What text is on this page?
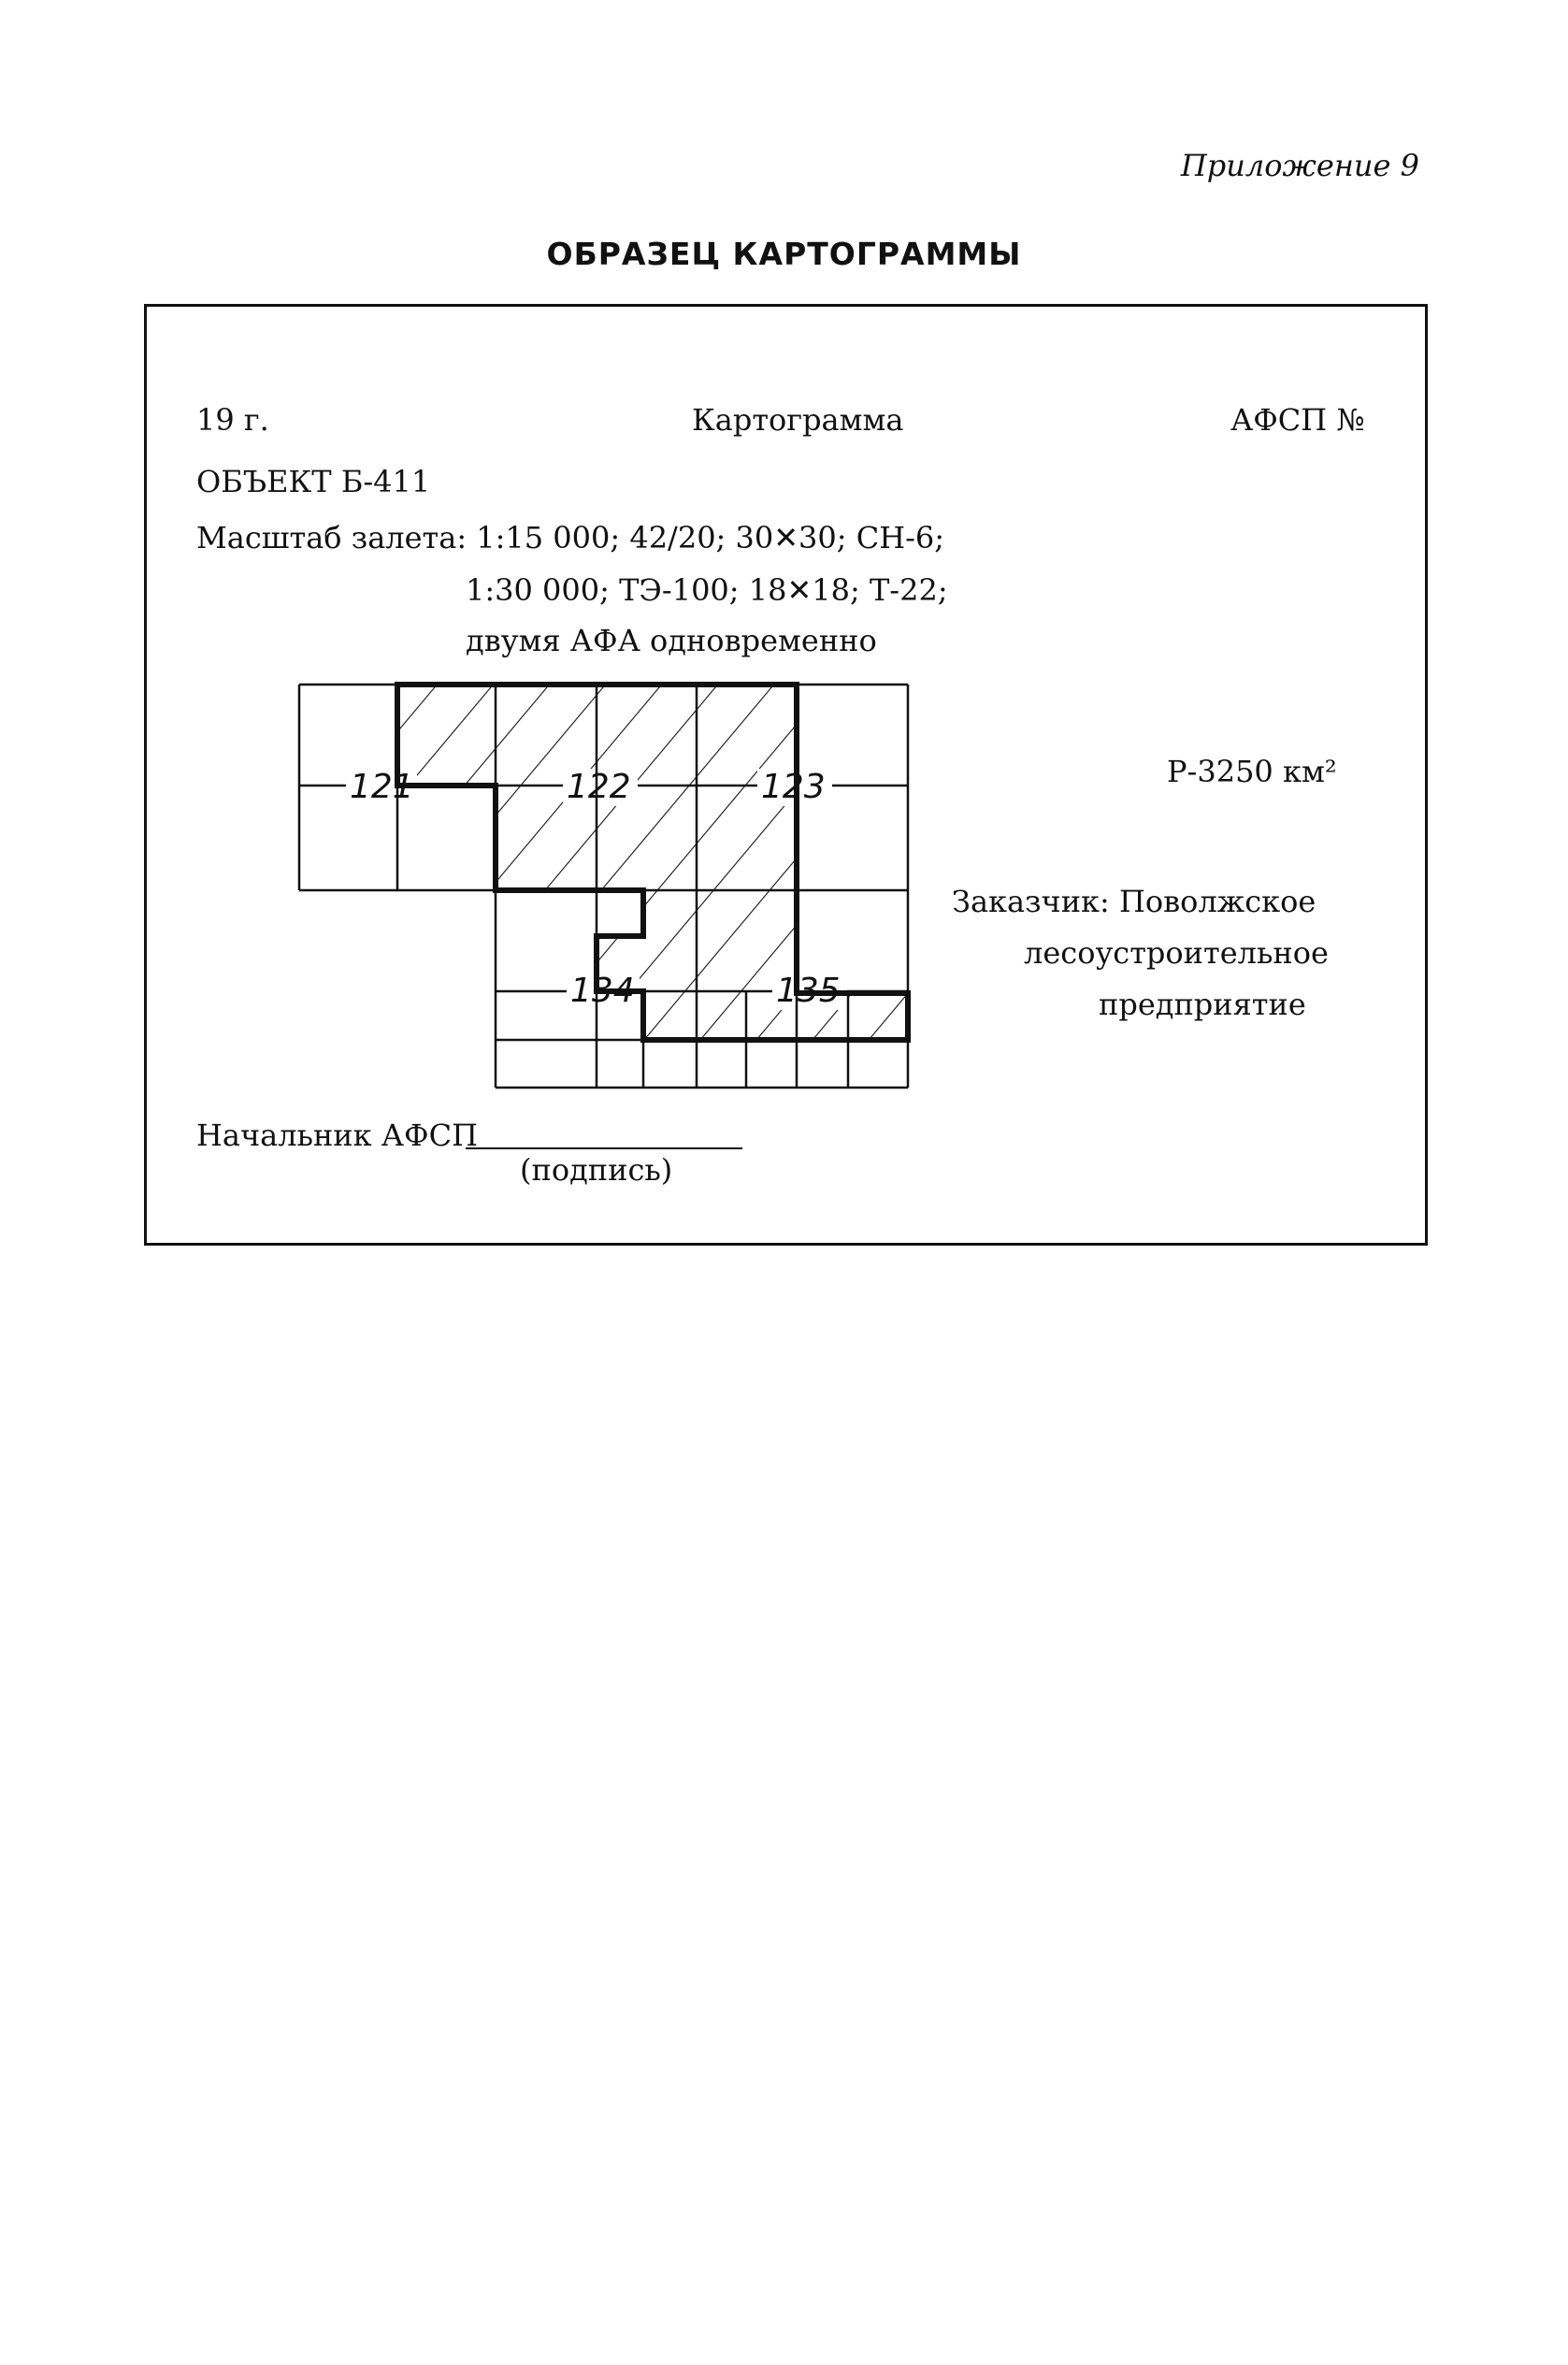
Приложение 9
ОБРАЗЕЦ КАРТОГРАММЫ
19 г.	Картограмма	АФСП №
ОБЪЕКТ Б-411
Масштаб залета: 1:15 000; 42/20; 30✕30; СН-6;
1:30 000; ТЭ-100; 18✕18; Т-22;
двумя АФА одновременно
Р-3250 км²
Заказчик: Поволжское
лесоустроительное
предприятие
Начальник АФСП
(подпись)
121	122	123
134	135
